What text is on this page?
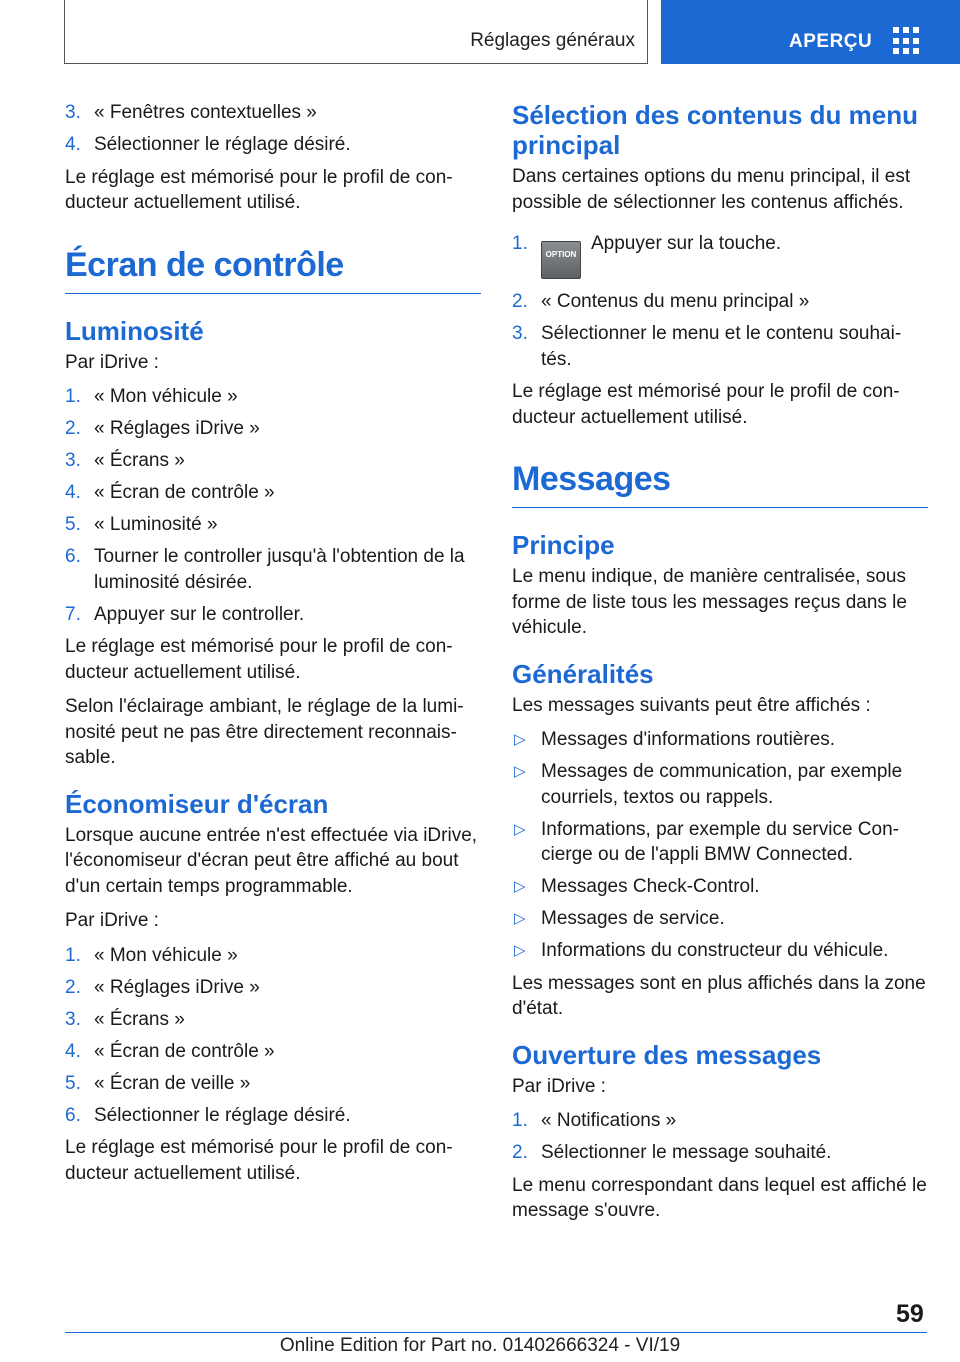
Réglages généraux	APERÇU
3. « Fenêtres contextuelles »
4. Sélectionner le réglage désiré.

Le réglage est mémorisé pour le profil de con‐ducteur actuellement utilisé.

Écran de contrôle
Luminosité

Par iDrive :

1. « Mon véhicule »
2. « Réglages iDrive »
3. « Écrans »
4. « Écran de contrôle »
5. « Luminosité »
6. Tourner le controller jusqu'à l'obtention de la luminosité désirée.
7. Appuyer sur le controller.

Le réglage est mémorisé pour le profil de con‐ducteur actuellement utilisé.

Selon l'éclairage ambiant, le réglage de la lumi‐nosité peut ne pas être directement reconnais‐sable.

Économiseur d'écran

Lorsque aucune entrée n'est effectuée via iDrive, l'économiseur d'écran peut être affiché au bout d'un certain temps programmable.

Par iDrive :

1. « Mon véhicule »
2. « Réglages iDrive »
3. « Écrans »
4. « Écran de contrôle »
5. « Écran de veille »
6. Sélectionner le réglage désiré.

Le réglage est mémorisé pour le profil de con‐ducteur actuellement utilisé.

Sélection des contenus du menu principal

Dans certaines options du menu principal, il est possible de sélectionner les contenus affichés.

1.
OPTIONAppuyer sur la touche.
2. « Contenus du menu principal »
3. Sélectionner le menu et le contenu souhai‐tés.

Le réglage est mémorisé pour le profil de con‐ducteur actuellement utilisé.

Messages
Principe

Le menu indique, de manière centralisée, sous forme de liste tous les messages reçus dans le véhicule.

Généralités

Les messages suivants peut être affichés :

▷ Messages d'informations routières.
▷ Messages de communication, par exemple courriels, textos ou rappels.
▷ Informations, par exemple du service Con‐cierge ou de l'appli BMW Connected.
▷ Messages Check-Control.
▷ Messages de service.
▷ Informations du constructeur du véhicule.

Les messages sont en plus affichés dans la zone d'état.

Ouverture des messages

Par iDrive :

1. « Notifications »
2. Sélectionner le message souhaité.

Le menu correspondant dans lequel est affiché le message s'ouvre.

59
Online Edition for Part no. 01402666324 - VI/19
